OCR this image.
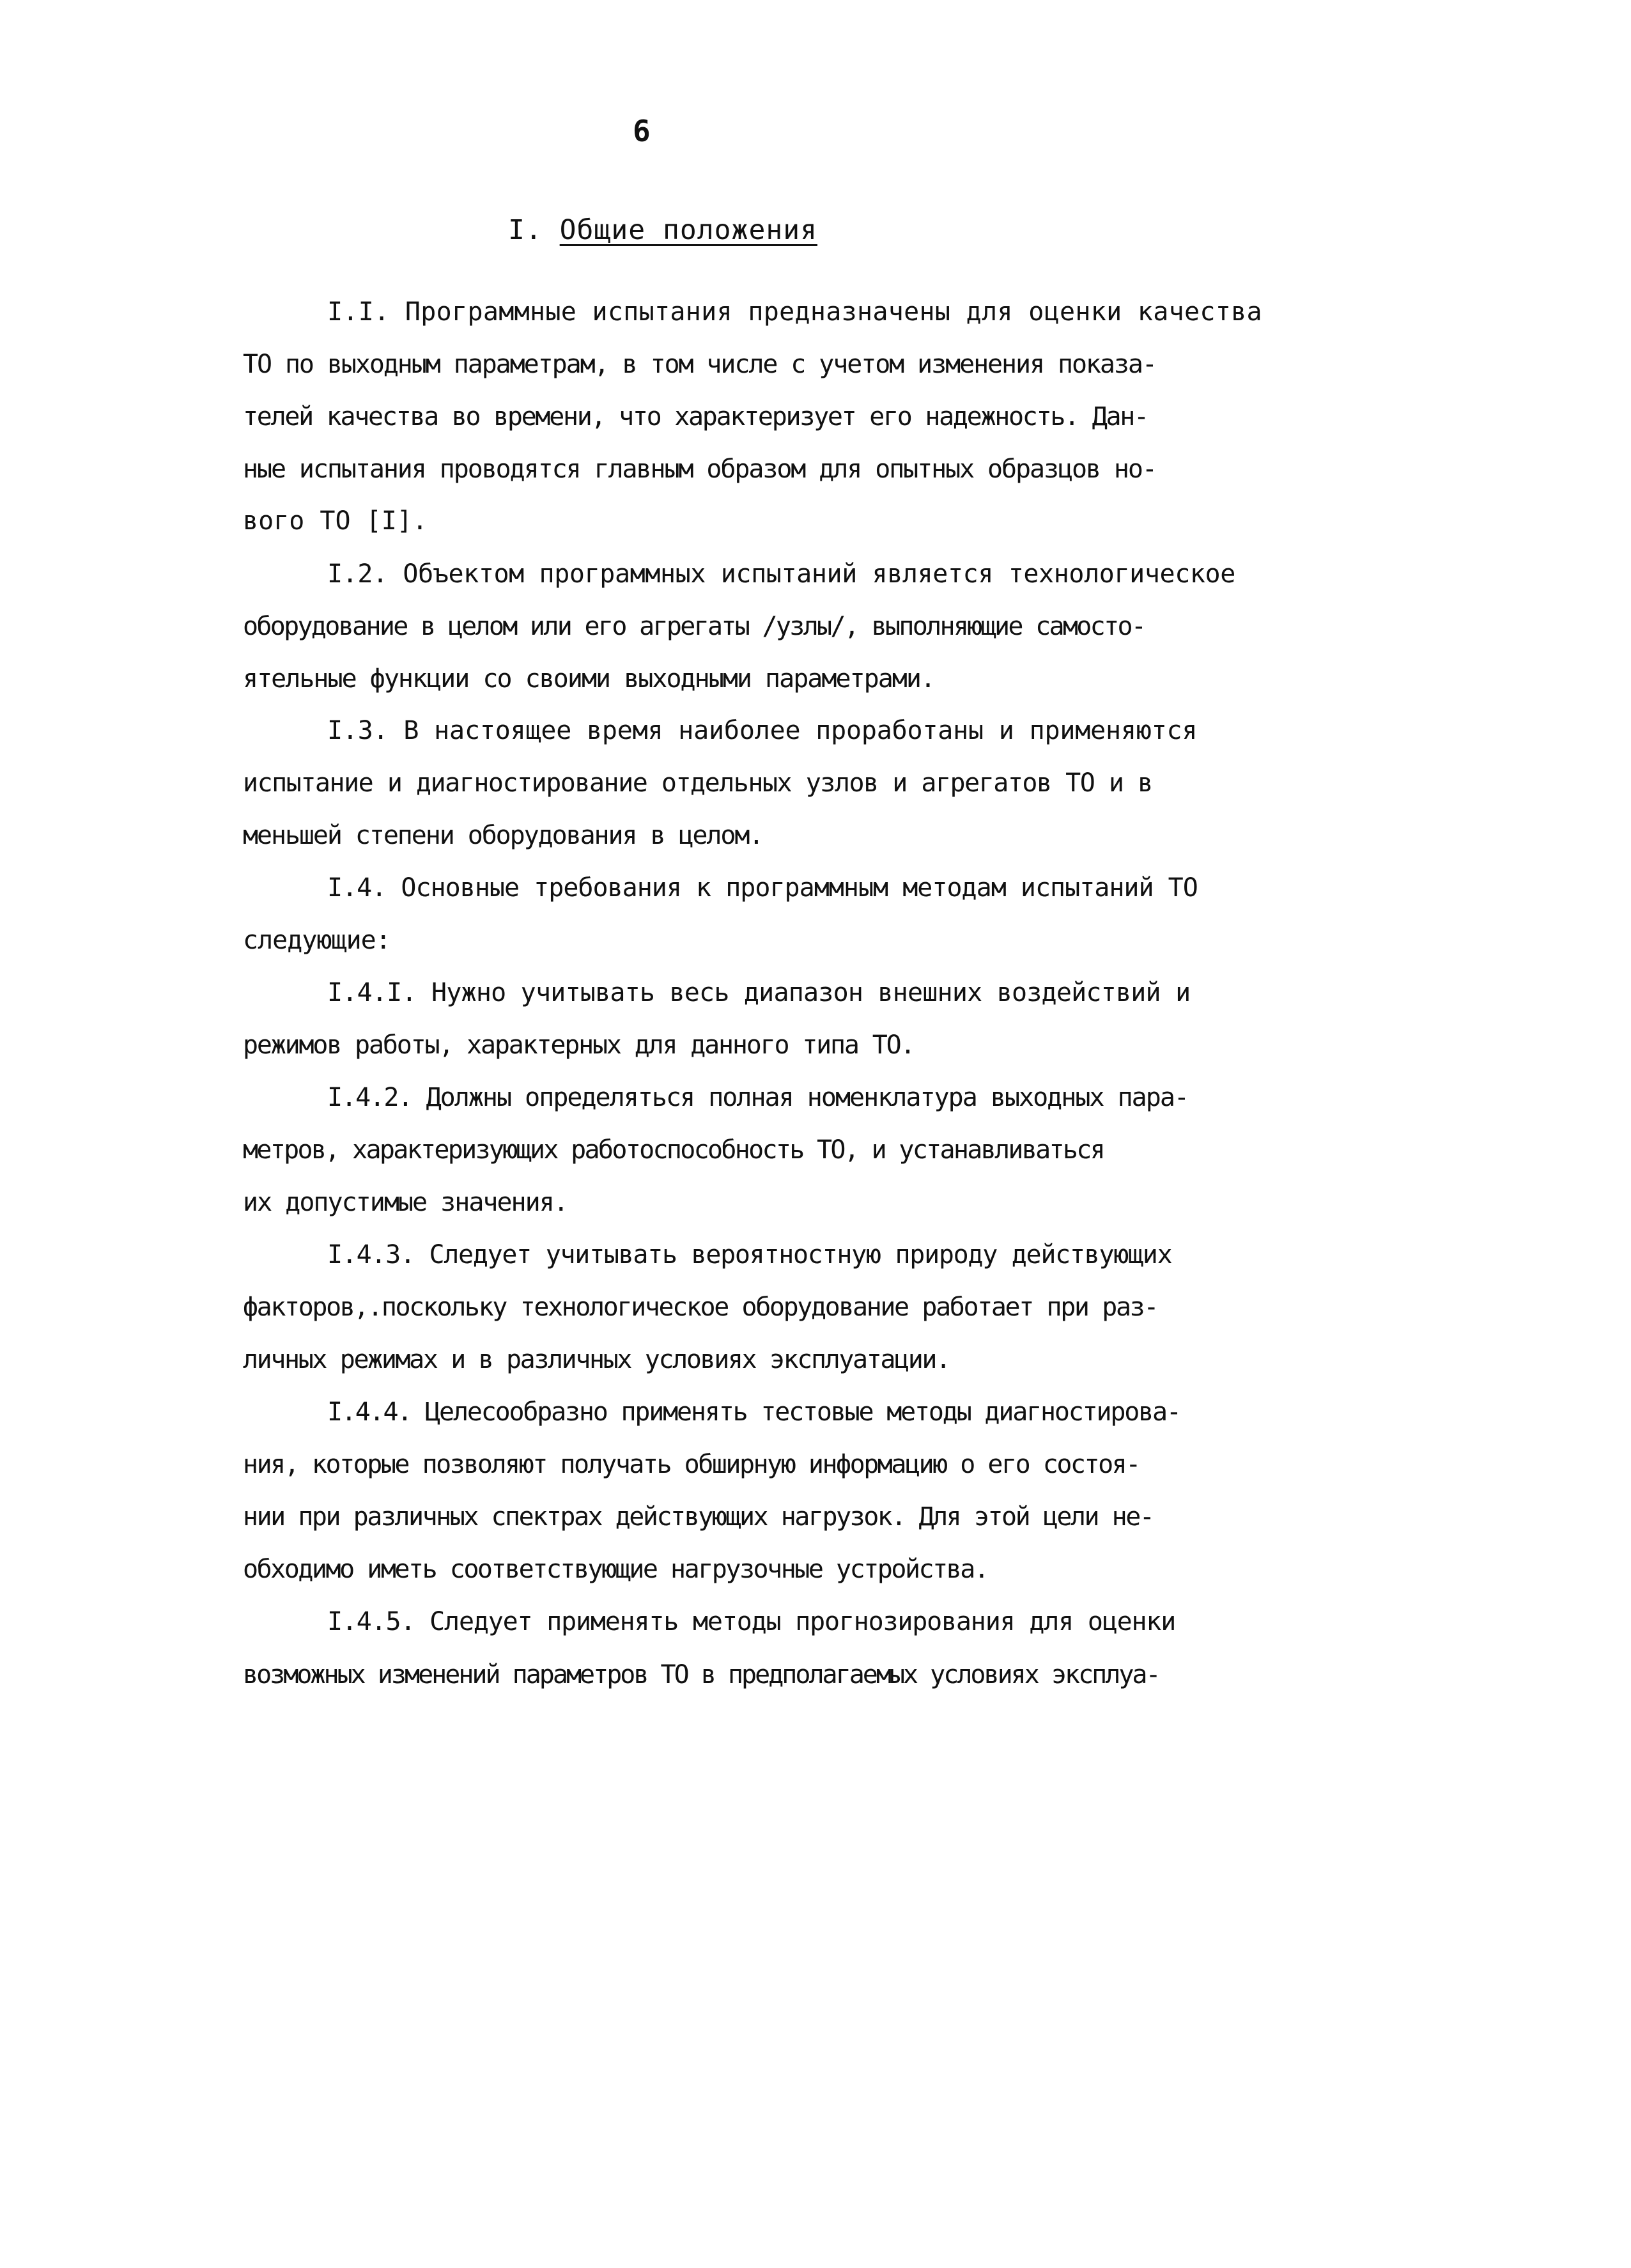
6
I. Общие положения
I.I. Программные испытания предназначены для оценки качества
ТО по выходным параметрам, в том числе с учетом изменения показа-
телей качества во времени, что характеризует его надежность. Дан-
ные испытания проводятся главным образом для опытных образцов но-
вого ТО [I].
I.2. Объектом программных испытаний является технологическое
оборудование в целом или его агрегаты /узлы/, выполняющие самосто-
ятельные функции со своими выходными параметрами.
I.3. В настоящее время наиболее проработаны и применяются
испытание и диагностирование отдельных узлов и агрегатов ТО и в
меньшей степени оборудования в целом.
I.4. Основные требования к программным методам испытаний ТО
следующие:
I.4.I. Нужно учитывать весь диапазон внешних воздействий и
режимов работы, характерных для данного типа ТО.
I.4.2. Должны определяться полная номенклатура выходных пара-
метров, характеризующих работоспособность ТО, и устанавливаться
их допустимые значения.
I.4.3. Следует учитывать вероятностную природу действующих
факторов,.поскольку технологическое оборудование работает при раз-
личных режимах и в различных условиях эксплуатации.
I.4.4. Целесообразно применять тестовые методы диагностирова-
ния, которые позволяют получать обширную информацию о его состоя-
нии при различных спектрах действующих нагрузок. Для этой цели не-
обходимо иметь соответствующие нагрузочные устройства.
I.4.5. Следует применять методы прогнозирования для оценки
возможных изменений параметров ТО в предполагаемых условиях эксплуа-
